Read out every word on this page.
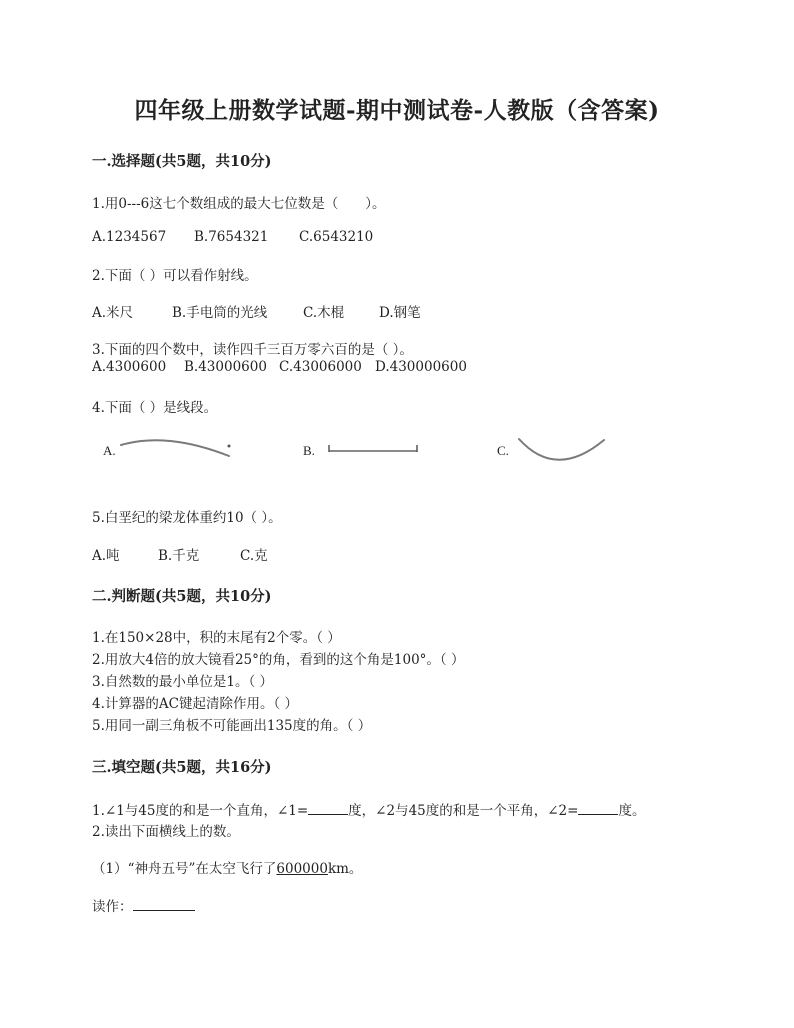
四年级上册数学试题-期中测试卷-人教版（含答案)
一.选择题(共5题，共10分)
1.用0---6这七个数组成的最大七位数是（　　）。
A.1234567 B.7654321 C.6543210
2.下面（ ）可以看作射线。
A.米尺	B.手电筒的光线	C.木棍	D.钢笔
3.下面的四个数中，读作四千三百万零六百的是（ ）。
A.4300600 B.43000600 C.43006000 D.430000600
4.下面（ ）是线段。
A.	B.	C.
5.白垩纪的梁龙体重约10（ ）。
A.吨	B.千克	C.克
二.判断题(共5题，共10分)
1.在150×28中，积的末尾有2个零。（ ）
2.用放大4倍的放大镜看25°的角，看到的这个角是100°。（ ）
3.自然数的最小单位是1。（ ）
4.计算器的AC键起清除作用。（ ）
5.用同一副三角板不可能画出135度的角。（ ）
三.填空题(共5题，共16分)
1.∠1与45度的和是一个直角，∠1=	度，∠2与45度的和是一个平角，∠2=	度。
2.读出下面横线上的数。
（1）“神舟五号”在太空飞行了600000km。
读作：
